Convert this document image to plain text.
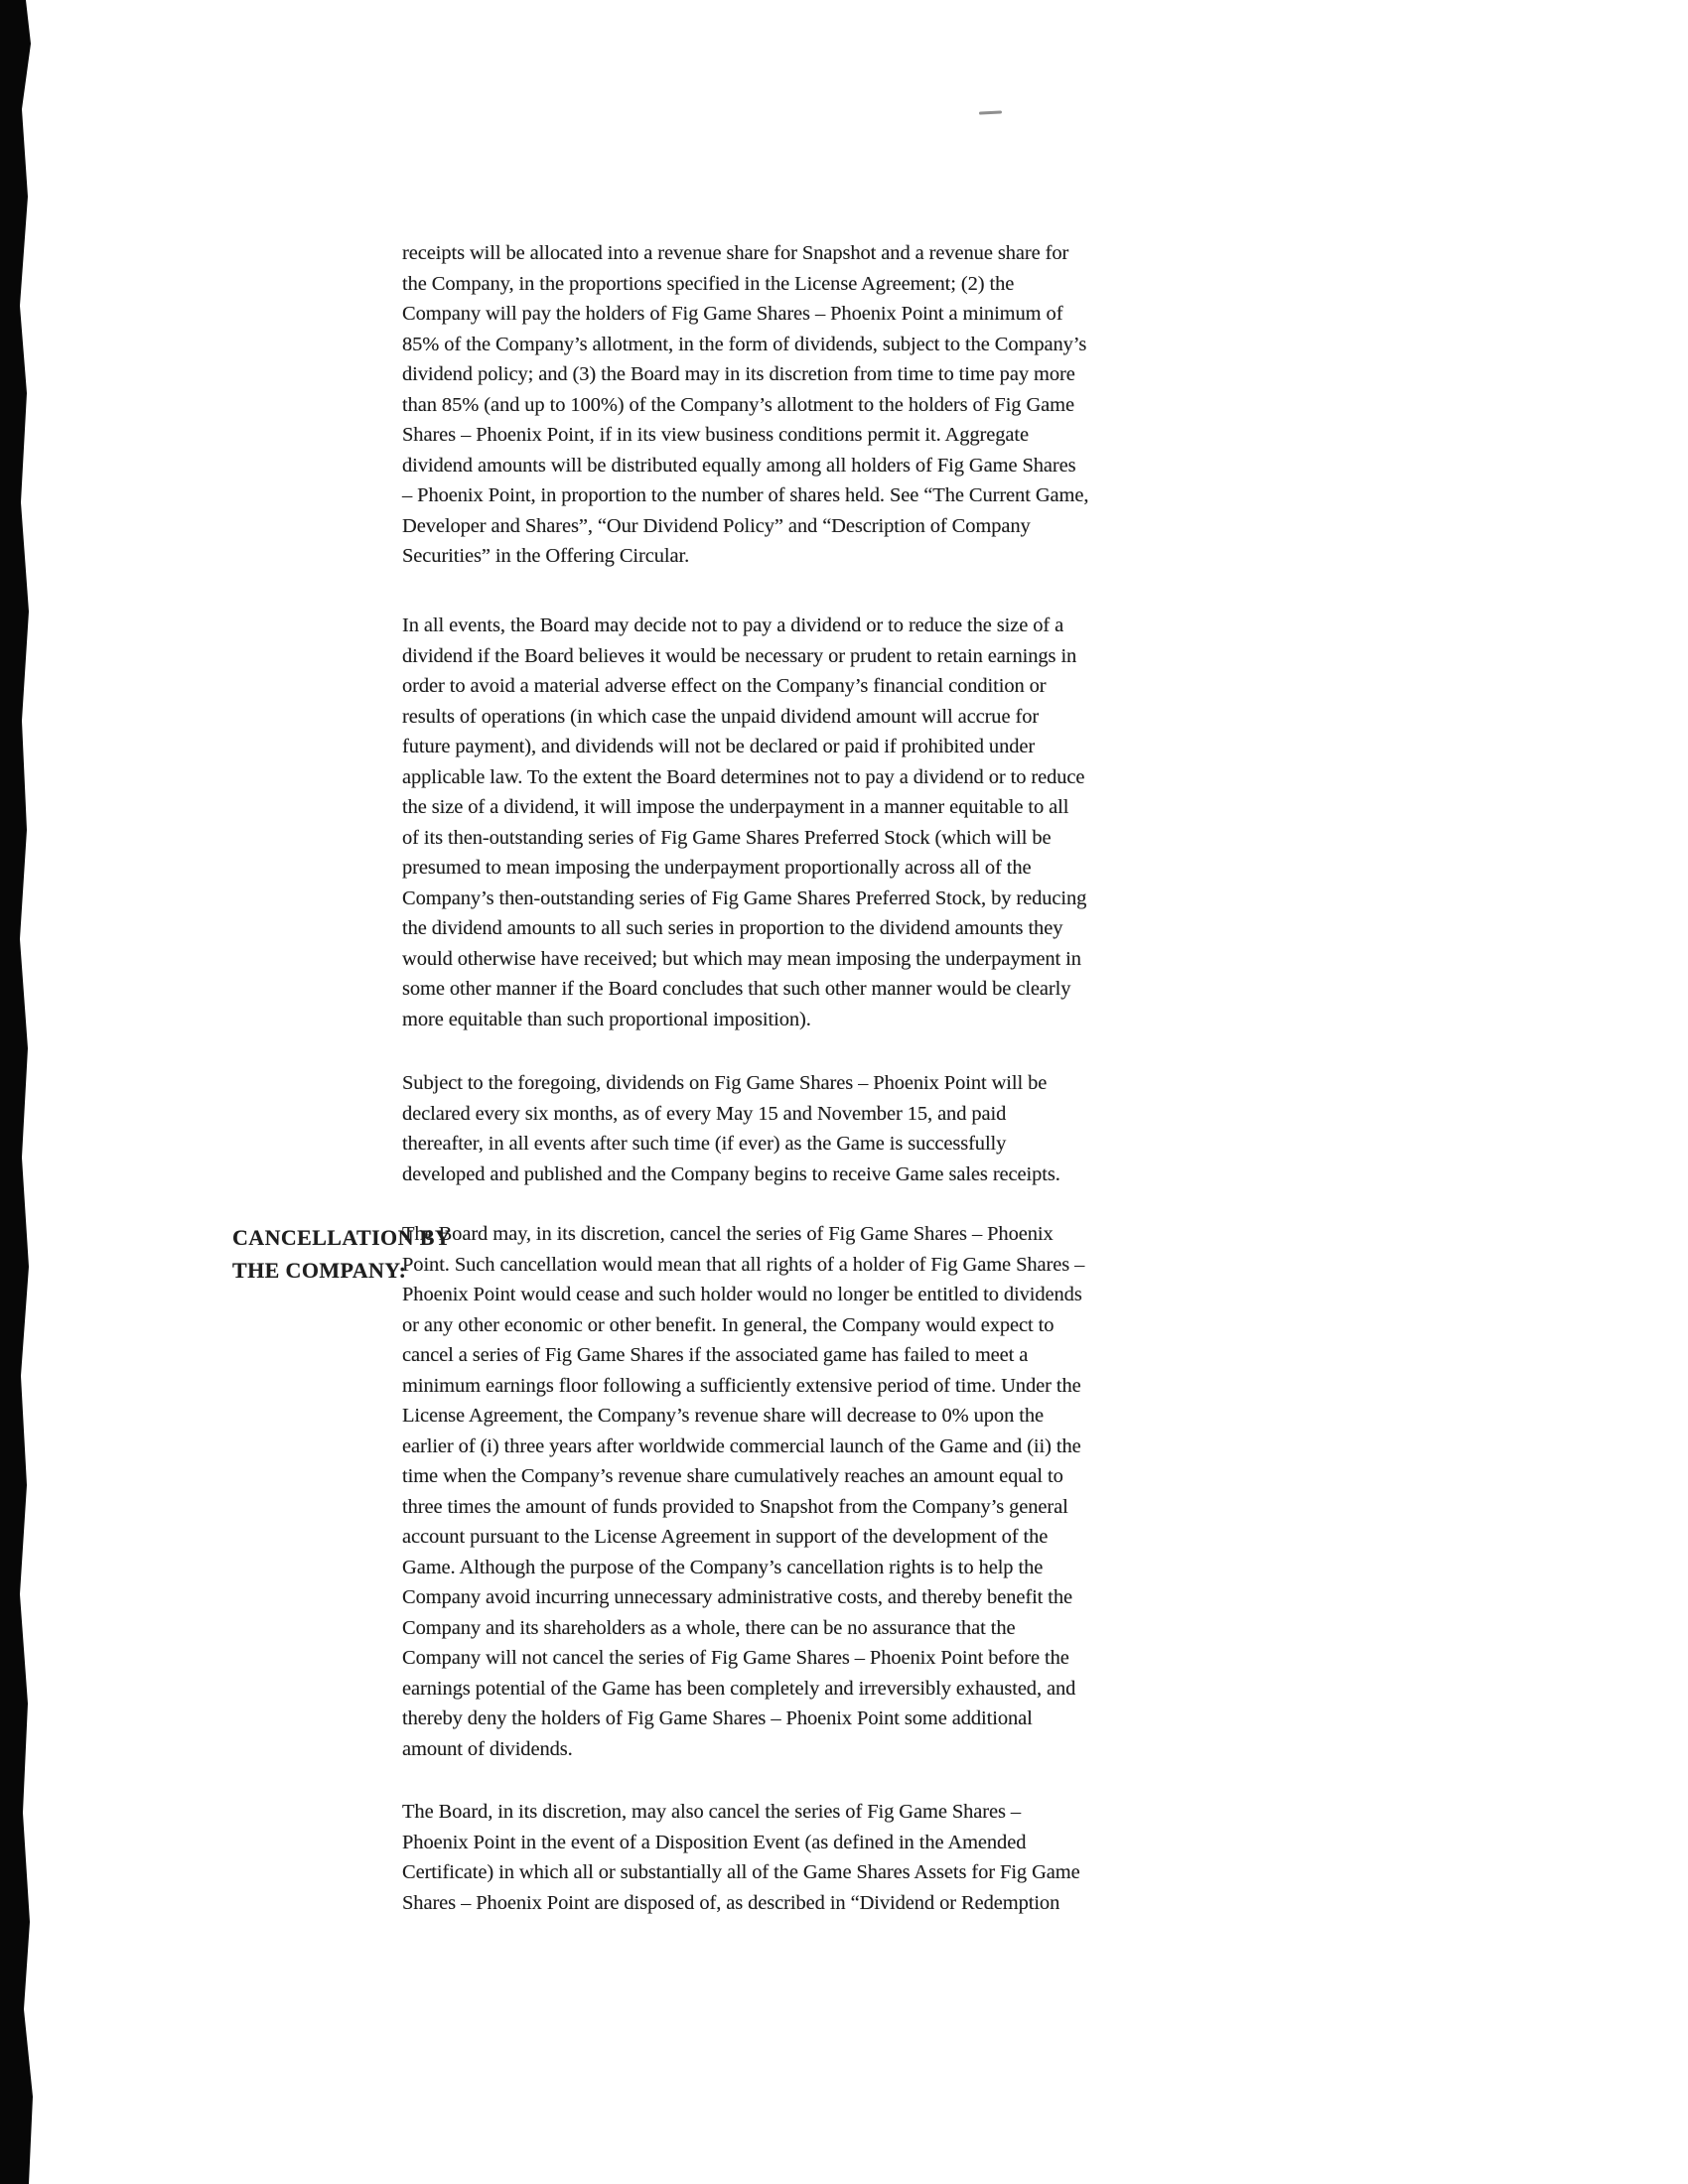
CANCELLATION BY
THE COMPANY:
receipts will be allocated into a revenue share for Snapshot and a revenue share for
the Company, in the proportions specified in the License Agreement; (2) the
Company will pay the holders of Fig Game Shares – Phoenix Point a minimum of
85% of the Company’s allotment, in the form of dividends, subject to the Company’s
dividend policy; and (3) the Board may in its discretion from time to time pay more
than 85% (and up to 100%) of the Company’s allotment to the holders of Fig Game
Shares – Phoenix Point, if in its view business conditions permit it. Aggregate
dividend amounts will be distributed equally among all holders of Fig Game Shares
– Phoenix Point, in proportion to the number of shares held. See “The Current Game,
Developer and Shares”, “Our Dividend Policy” and “Description of Company
Securities” in the Offering Circular.
In all events, the Board may decide not to pay a dividend or to reduce the size of a
dividend if the Board believes it would be necessary or prudent to retain earnings in
order to avoid a material adverse effect on the Company’s financial condition or
results of operations (in which case the unpaid dividend amount will accrue for
future payment), and dividends will not be declared or paid if prohibited under
applicable law. To the extent the Board determines not to pay a dividend or to reduce
the size of a dividend, it will impose the underpayment in a manner equitable to all
of its then-outstanding series of Fig Game Shares Preferred Stock (which will be
presumed to mean imposing the underpayment proportionally across all of the
Company’s then-outstanding series of Fig Game Shares Preferred Stock, by reducing
the dividend amounts to all such series in proportion to the dividend amounts they
would otherwise have received; but which may mean imposing the underpayment in
some other manner if the Board concludes that such other manner would be clearly
more equitable than such proportional imposition).
Subject to the foregoing, dividends on Fig Game Shares – Phoenix Point will be
declared every six months, as of every May 15 and November 15, and paid
thereafter, in all events after such time (if ever) as the Game is successfully
developed and published and the Company begins to receive Game sales receipts.
The Board may, in its discretion, cancel the series of Fig Game Shares – Phoenix
Point. Such cancellation would mean that all rights of a holder of Fig Game Shares –
Phoenix Point would cease and such holder would no longer be entitled to dividends
or any other economic or other benefit. In general, the Company would expect to
cancel a series of Fig Game Shares if the associated game has failed to meet a
minimum earnings floor following a sufficiently extensive period of time. Under the
License Agreement, the Company’s revenue share will decrease to 0% upon the
earlier of (i) three years after worldwide commercial launch of the Game and (ii) the
time when the Company’s revenue share cumulatively reaches an amount equal to
three times the amount of funds provided to Snapshot from the Company’s general
account pursuant to the License Agreement in support of the development of the
Game. Although the purpose of the Company’s cancellation rights is to help the
Company avoid incurring unnecessary administrative costs, and thereby benefit the
Company and its shareholders as a whole, there can be no assurance that the
Company will not cancel the series of Fig Game Shares – Phoenix Point before the
earnings potential of the Game has been completely and irreversibly exhausted, and
thereby deny the holders of Fig Game Shares – Phoenix Point some additional
amount of dividends.
The Board, in its discretion, may also cancel the series of Fig Game Shares –
Phoenix Point in the event of a Disposition Event (as defined in the Amended
Certificate) in which all or substantially all of the Game Shares Assets for Fig Game
Shares – Phoenix Point are disposed of, as described in “Dividend or Redemption
